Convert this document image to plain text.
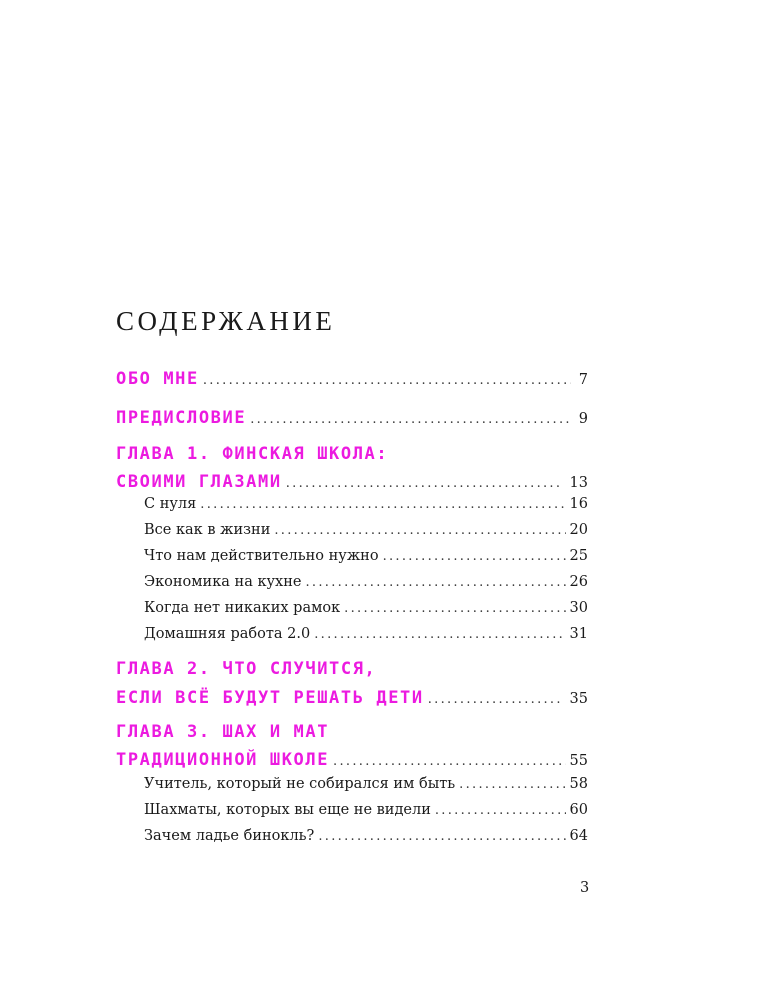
СОДЕРЖАНИЕ
ОБО МНЕ .....	7
ПРЕДИСЛОВИЕ .....	9
ГЛАВА 1. ФИНСКАЯ ШКОЛА:
СВОИМИ ГЛАЗАМИ .....	13
С нуля .....	16
Все как в жизни .....	20
Что нам действительно нужно .....	25
Экономика на кухне .....	26
Когда нет никаких рамок .....	30
Домашняя работа 2.0 .....	31
ГЛАВА 2. ЧТО СЛУЧИТСЯ,
ЕСЛИ ВСЁ БУДУТ РЕШАТЬ ДЕТИ .....	35
ГЛАВА 3. ШАХ И МАТ
ТРАДИЦИОННОЙ ШКОЛЕ .....	55
Учитель, который не собирался им быть .....	58
Шахматы, которых вы еще не видели .....	60
Зачем ладье бинокль? .....	64
3
